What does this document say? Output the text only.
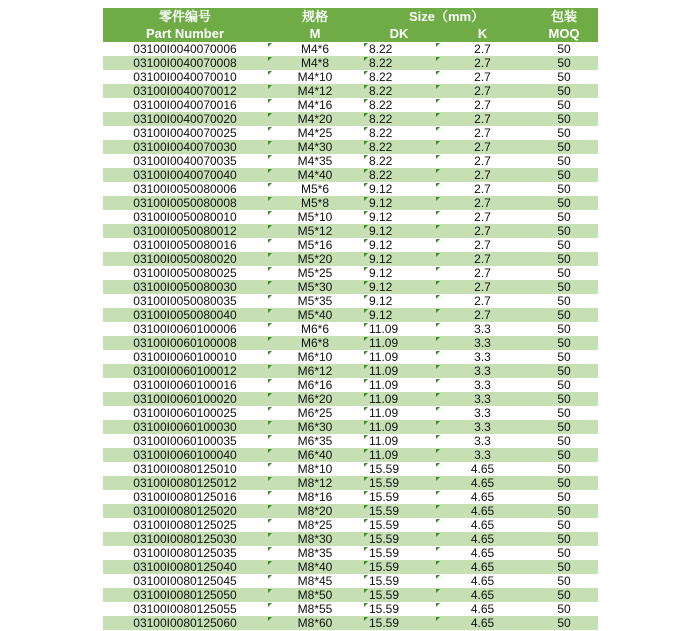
零件编号	规格	Size（mm）		包装
Part Number	M	DK	K	MOQ
03100I0040070006	M4*6	8.22	2.7	50
03100I0040070008	M4*8	8.22	2.7	50
03100I0040070010	M4*10	8.22	2.7	50
03100I0040070012	M4*12	8.22	2.7	50
03100I0040070016	M4*16	8.22	2.7	50
03100I0040070020	M4*20	8.22	2.7	50
03100I0040070025	M4*25	8.22	2.7	50
03100I0040070030	M4*30	8.22	2.7	50
03100I0040070035	M4*35	8.22	2.7	50
03100I0040070040	M4*40	8.22	2.7	50
03100I0050080006	M5*6	9.12	2.7	50
03100I0050080008	M5*8	9.12	2.7	50
03100I0050080010	M5*10	9.12	2.7	50
03100I0050080012	M5*12	9.12	2.7	50
03100I0050080016	M5*16	9.12	2.7	50
03100I0050080020	M5*20	9.12	2.7	50
03100I0050080025	M5*25	9.12	2.7	50
03100I0050080030	M5*30	9.12	2.7	50
03100I0050080035	M5*35	9.12	2.7	50
03100I0050080040	M5*40	9.12	2.7	50
03100I0060100006	M6*6	11.09	3.3	50
03100I0060100008	M6*8	11.09	3.3	50
03100I0060100010	M6*10	11.09	3.3	50
03100I0060100012	M6*12	11.09	3.3	50
03100I0060100016	M6*16	11.09	3.3	50
03100I0060100020	M6*20	11.09	3.3	50
03100I0060100025	M6*25	11.09	3.3	50
03100I0060100030	M6*30	11.09	3.3	50
03100I0060100035	M6*35	11.09	3.3	50
03100I0060100040	M6*40	11.09	3.3	50
03100I0080125010	M8*10	15.59	4.65	50
03100I0080125012	M8*12	15.59	4.65	50
03100I0080125016	M8*16	15.59	4.65	50
03100I0080125020	M8*20	15.59	4.65	50
03100I0080125025	M8*25	15.59	4.65	50
03100I0080125030	M8*30	15.59	4.65	50
03100I0080125035	M8*35	15.59	4.65	50
03100I0080125040	M8*40	15.59	4.65	50
03100I0080125045	M8*45	15.59	4.65	50
03100I0080125050	M8*50	15.59	4.65	50
03100I0080125055	M8*55	15.59	4.65	50
03100I0080125060	M8*60	15.59	4.65	50
